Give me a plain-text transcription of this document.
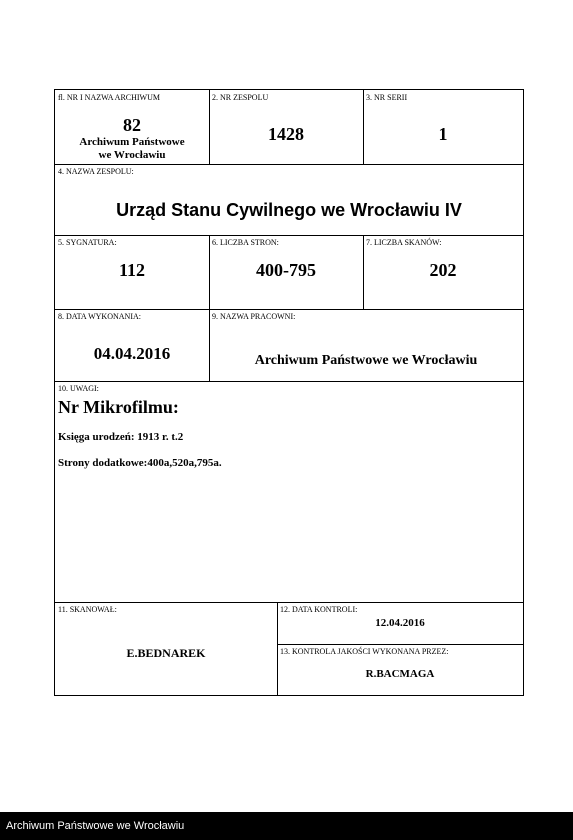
fl. NR I NAZWA ARCHIWUM
82
Archiwum Państwowe
we Wrocławiu
2. NR ZESPOLU
1428
3. NR SERII
1
4. NAZWA ZESPOLU:
Urząd Stanu Cywilnego we Wrocławiu IV
5. SYGNATURA:
112
6. LICZBA STRON:
400-795
7. LICZBA SKANÓW:
202
8. DATA WYKONANIA:
04.04.2016
9. NAZWA PRACOWNI:
Archiwum Państwowe we Wrocławiu
10. UWAGI:
Nr Mikrofilmu:
Księga urodzeń: 1913 r. t.2
Strony dodatkowe:400a,520a,795a.
11. SKANOWAŁ:
E.BEDNAREK
12. DATA KONTROLI:
12.04.2016
13. KONTROLA JAKOŚCI WYKONANA PRZEZ:
R.BACMAGA
Archiwum Państwowe we Wrocławiu
